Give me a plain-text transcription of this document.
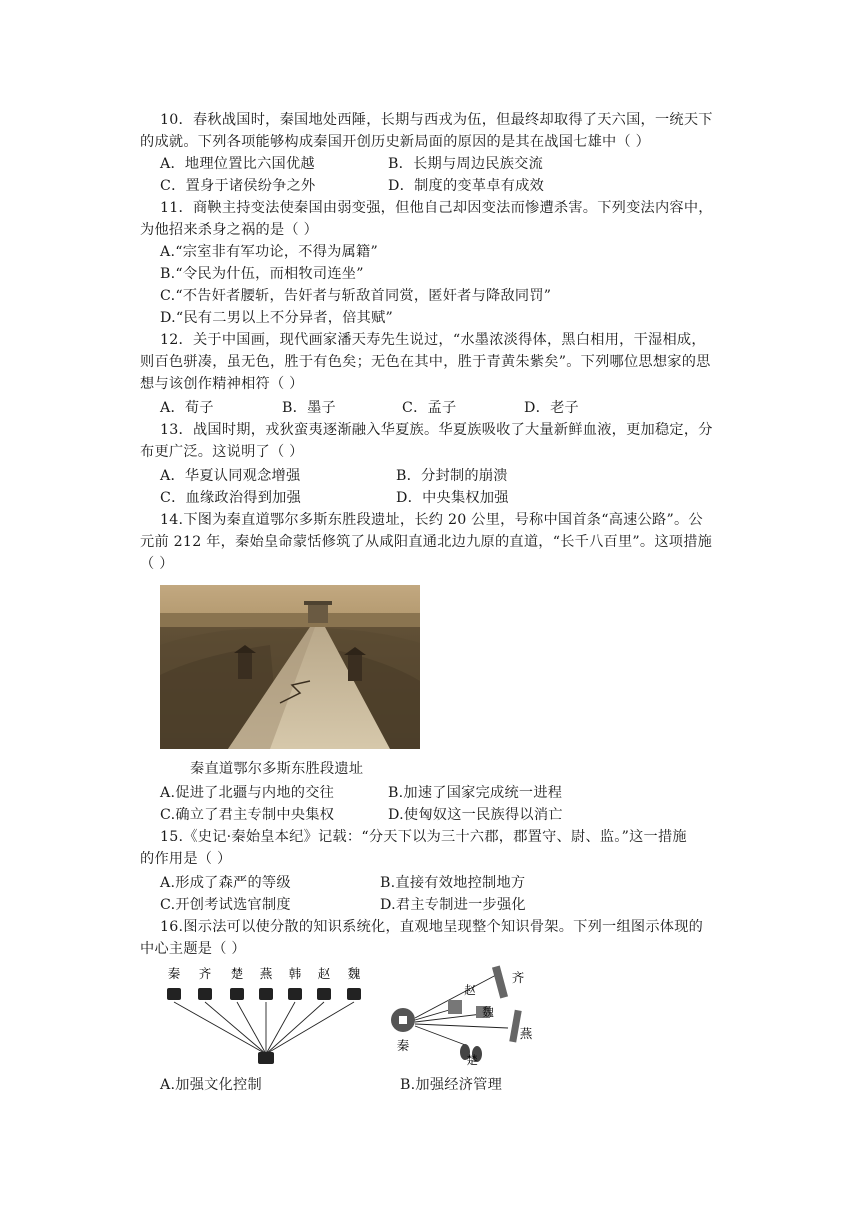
10．春秋战国时，秦国地处西陲，长期与西戎为伍，但最终却取得了天六国，一统天下
的成就。下列各项能够构成秦国开创历史新局面的原因的是其在战国七雄中（ ）
A．地理位置比六国优越	B．长期与周边民族交流
C．置身于诸侯纷争之外	D．制度的变革卓有成效
11．商鞅主持变法使秦国由弱变强，但他自己却因变法而惨遭杀害。下列变法内容中，
为他招来杀身之祸的是（ ）
A.“宗室非有军功论，不得为属籍”
B.“令民为什伍，而相牧司连坐”
C.“不告奸者腰斩，告奸者与斩敌首同赏，匿奸者与降敌同罚”
D.“民有二男以上不分异者，倍其赋”
12．关于中国画，现代画家潘天寿先生说过，“水墨浓淡得体，黑白相用，干湿相成，
则百色骈凑，虽无色，胜于有色矣；无色在其中，胜于青黄朱紫矣”。下列哪位思想家的思
想与该创作精神相符（ ）
A．荀子	B．墨子	C．孟子	D．老子
13．战国时期，戎狄蛮夷逐渐融入华夏族。华夏族吸收了大量新鲜血液，更加稳定，分
布更广泛。这说明了（ ）
A．华夏认同观念增强	B．分封制的崩溃
C．血缘政治得到加强	D．中央集权加强
14.下图为秦直道鄂尔多斯东胜段遗址，长约 20 公里，号称中国首条“高速公路”。公
元前 212 年，秦始皇命蒙恬修筑了从咸阳直通北边九原的直道，“长千八百里”。这项措施
（ ）
秦直道鄂尔多斯东胜段遗址
A.促进了北疆与内地的交往	B.加速了国家完成统一进程
C.确立了君主专制中央集权	D.使匈奴这一民族得以消亡
15.《史记·秦始皇本纪》记载：“分天下以为三十六郡，郡置守、尉、监。”这一措施
的作用是（ ）
A.形成了森严的等级	B.直接有效地控制地方
C.开创考试选官制度	D.君主专制进一步强化
16.图示法可以使分散的知识系统化，直观地呈现整个知识骨架。下列一组图示体现的
中心主题是（ ）
秦 齐 楚 燕 韩 赵 魏
秦
齐
赵
魏
燕
楚
A.加强文化控制	B.加强经济管理
